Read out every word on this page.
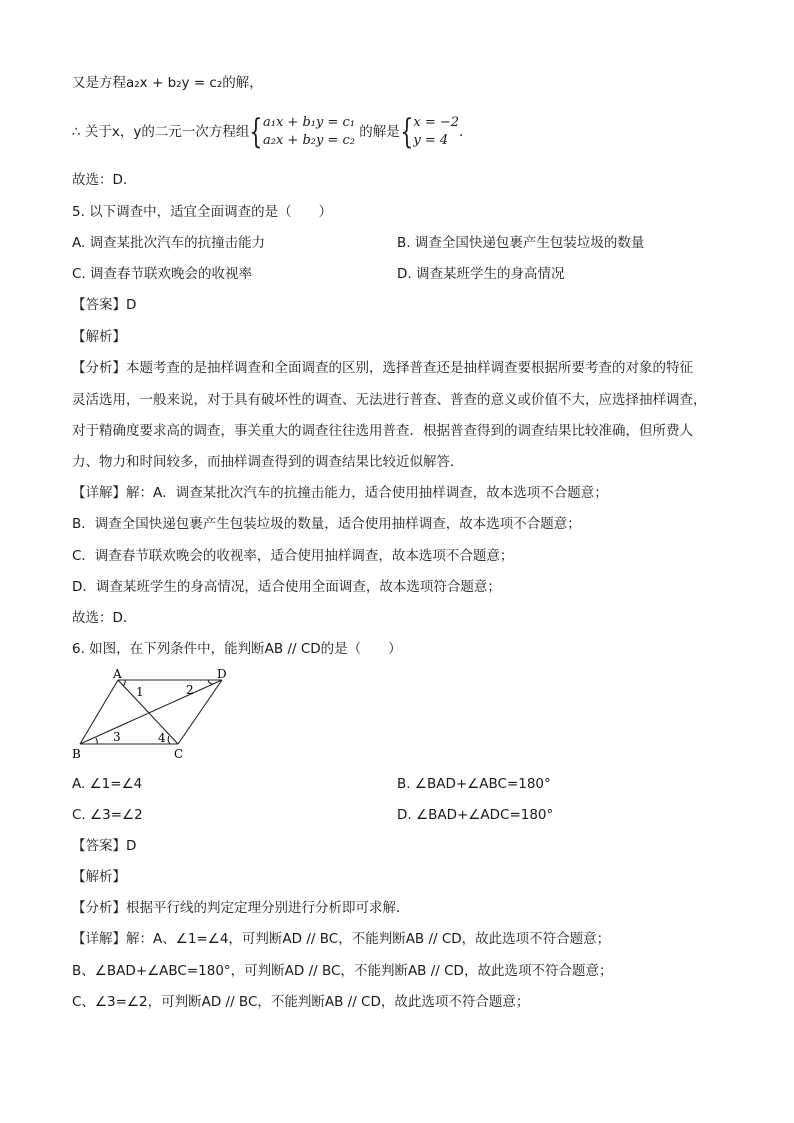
又是方程a₂x + b₂y = c₂的解，
∴ 关于x，y的二元一次方程组{ a₁x + b₁y = c₁
a₂x + b₂y = c₂
的解是{ x = −2
y = 4
．
故选：D．
5. 以下调查中，适宜全面调查的是（　　）
A. 调查某批次汽车的抗撞击能力	B. 调查全国快递包裹产生包装垃圾的数量
C. 调查春节联欢晚会的收视率	D. 调查某班学生的身高情况
【答案】D
【解析】
【分析】本题考查的是抽样调查和全面调查的区别，选择普查还是抽样调查要根据所要考查的对象的特征
灵活选用，一般来说，对于具有破坏性的调查、无法进行普查、普查的意义或价值不大，应选择抽样调查，
对于精确度要求高的调查，事关重大的调查往往选用普查．根据普查得到的调查结果比较准确，但所费人
力、物力和时间较多，而抽样调查得到的调查结果比较近似解答．
【详解】解：A．调查某批次汽车的抗撞击能力，适合使用抽样调查，故本选项不合题意；
B．调查全国快递包裹产生包装垃圾的数量，适合使用抽样调查，故本选项不合题意；
C．调查春节联欢晚会的收视率，适合使用抽样调查，故本选项不合题意；
D．调查某班学生的身高情况，适合使用全面调查，故本选项符合题意；
故选：D．
6. 如图，在下列条件中，能判断AB // CD的是（　　）
A	D
B	C
1	2
3	4
A. ∠1=∠4	B. ∠BAD+∠ABC=180°
C. ∠3=∠2	D. ∠BAD+∠ADC=180°
【答案】D
【解析】
【分析】根据平行线的判定定理分别进行分析即可求解．
【详解】解：A、∠1=∠4，可判断AD // BC，不能判断AB // CD，故此选项不符合题意；
B、∠BAD+∠ABC=180°，可判断AD // BC，不能判断AB // CD，故此选项不符合题意；
C、∠3=∠2，可判断AD // BC，不能判断AB // CD，故此选项不符合题意；
